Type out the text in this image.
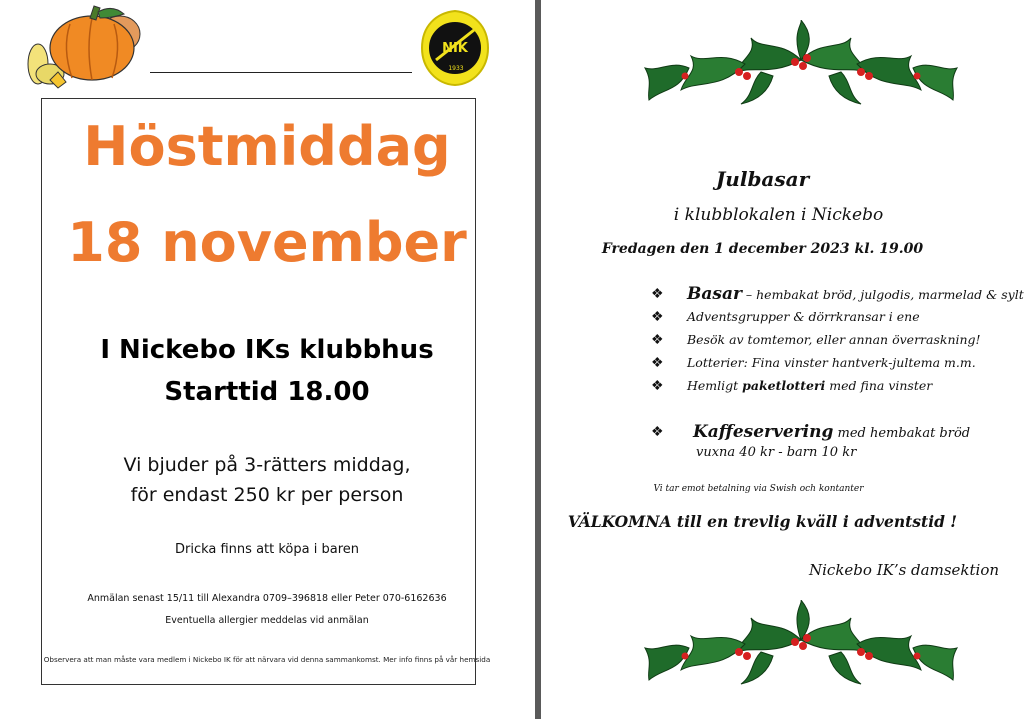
NIK
1933
Höstmiddag
18 november
I Nickebo IKs klubbhus
Starttid 18.00
Vi bjuder på 3-rätters middag,
för endast 250 kr per person
Dricka finns att köpa i baren
Anmälan senast 15/11 till Alexandra 0709–396818 eller Peter 070-6162636
Eventuella allergier meddelas vid anmälan
Observera att man måste vara medlem i Nickebo IK för att närvara vid denna sammankomst. Mer info finns på vår hemsida
Julbasar
i klubblokalen i Nickebo
Fredagen den 1 december 2023 kl. 19.00
❖ Basar – hembakat bröd, julgodis, marmelad & sylt
❖ Adventsgrupper & dörrkransar i ene
❖ Besök av tomtemor, eller annan överraskning!
❖ Lotterier: Fina vinster hantverk-jultema m.m.
❖ Hemligt paketlotteri med fina vinster
❖ Kaffeservering med hembakat bröd
vuxna 40 kr - barn 10 kr
Vi tar emot betalning via Swish och kontanter
VÄLKOMNA till en trevlig kväll i adventstid !
Nickebo IK’s damsektion
